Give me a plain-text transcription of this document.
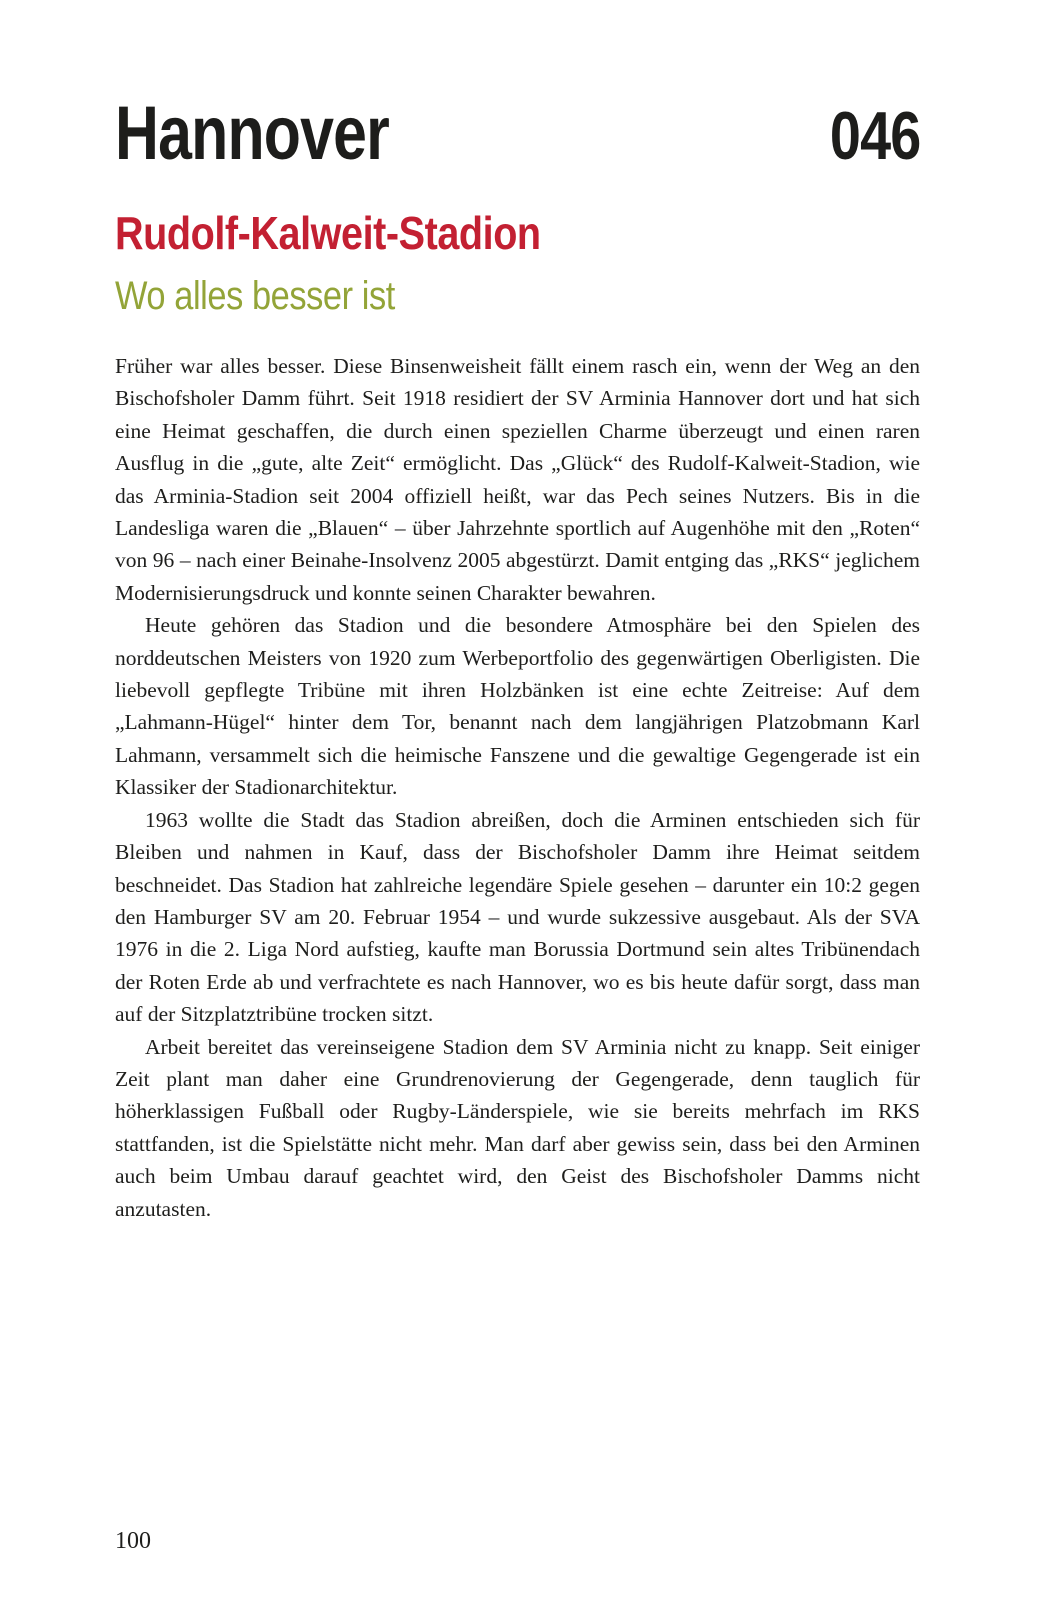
Hannover	046
Rudolf-Kalweit-Stadion
Wo alles besser ist

Früher war alles besser. Diese Binsenweisheit fällt einem rasch ein, wenn der Weg an den Bischofsholer Damm führt. Seit 1918 residiert der SV Arminia Hannover dort und hat sich eine Heimat geschaffen, die durch einen speziellen Charme überzeugt und einen raren Ausflug in die „gute, alte Zeit“ ermöglicht. Das „Glück“ des Rudolf-Kalweit-Stadion, wie das Arminia-Stadion seit 2004 offiziell heißt, war das Pech seines Nutzers. Bis in die Landesliga waren die „Blauen“ – über Jahrzehnte sportlich auf Augenhöhe mit den „Roten“ von 96 – nach einer Beinahe-Insolvenz 2005 abgestürzt. Damit entging das „RKS“ jeglichem Modernisierungsdruck und konnte seinen Charakter bewahren.

Heute gehören das Stadion und die besondere Atmosphäre bei den Spielen des norddeutschen Meisters von 1920 zum Werbeportfolio des gegenwärtigen Oberligisten. Die liebevoll gepflegte Tribüne mit ihren Holzbänken ist eine echte Zeitreise: Auf dem „Lahmann-Hügel“ hinter dem Tor, benannt nach dem langjährigen Platzobmann Karl Lahmann, versammelt sich die heimische Fanszene und die gewaltige Gegengerade ist ein Klassiker der Stadionarchitektur.

1963 wollte die Stadt das Stadion abreißen, doch die Arminen entschieden sich für Bleiben und nahmen in Kauf, dass der Bischofsholer Damm ihre Heimat seitdem beschneidet. Das Stadion hat zahlreiche legendäre Spiele gesehen – darunter ein 10:2 gegen den Hamburger SV am 20. Februar 1954 – und wurde sukzessive ausgebaut. Als der SVA 1976 in die 2. Liga Nord aufstieg, kaufte man Borussia Dortmund sein altes Tribünendach der Roten Erde ab und verfrachtete es nach Hannover, wo es bis heute dafür sorgt, dass man auf der Sitzplatztribüne trocken sitzt.

Arbeit bereitet das vereinseigene Stadion dem SV Arminia nicht zu knapp. Seit einiger Zeit plant man daher eine Grundrenovierung der Gegengerade, denn tauglich für höherklassigen Fußball oder Rugby-Länderspiele, wie sie bereits mehrfach im RKS stattfanden, ist die Spielstätte nicht mehr. Man darf aber gewiss sein, dass bei den Arminen auch beim Umbau darauf geachtet wird, den Geist des Bischofsholer Damms nicht anzutasten.

100
